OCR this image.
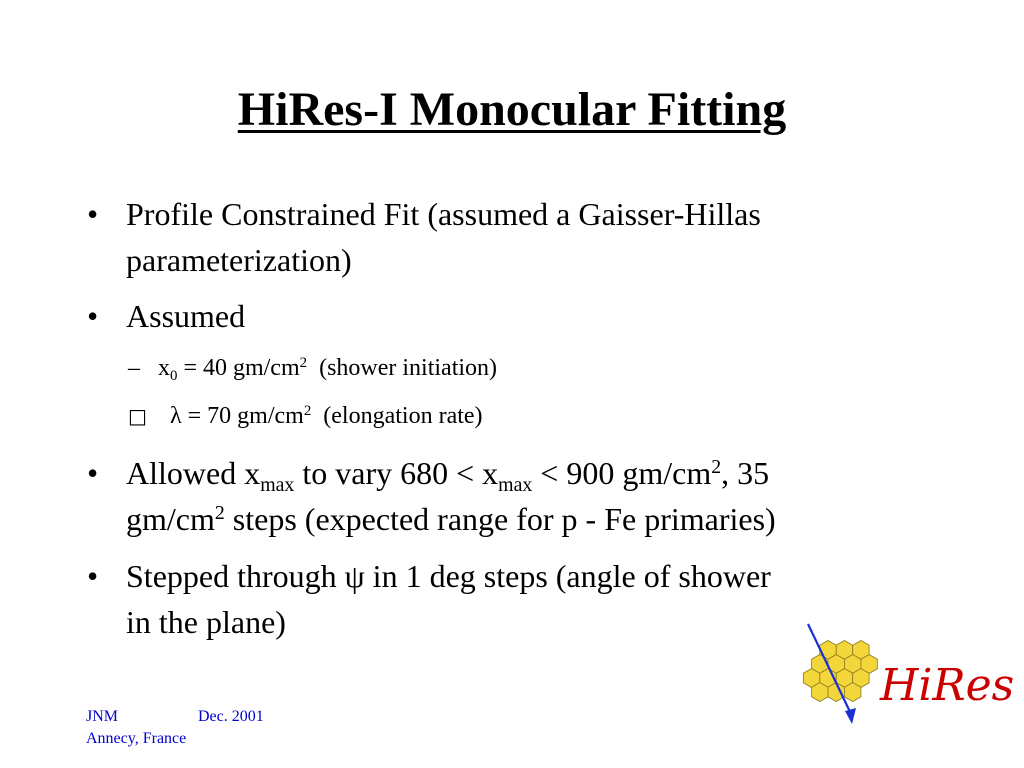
HiRes-I Monocular Fitting
• Profile Constrained Fit (assumed a Gaisser-Hillas
parameterization)
• Assumed
– $x_0 = 40$ $gm/cm^2$  (shower initiation)
□ λ = 70 $gm/cm^2$  (elongation rate)
• Allowed $x_{max}$ to vary $680 < x_{max} < 900$ $gm/cm^2$, 35
$gm/cm^2$ steps (expected range for p - Fe primaries)
• Stepped through ψ in 1 deg steps (angle of shower
in the plane)
JNM	Dec. 2001
Annecy, France
HiRes
